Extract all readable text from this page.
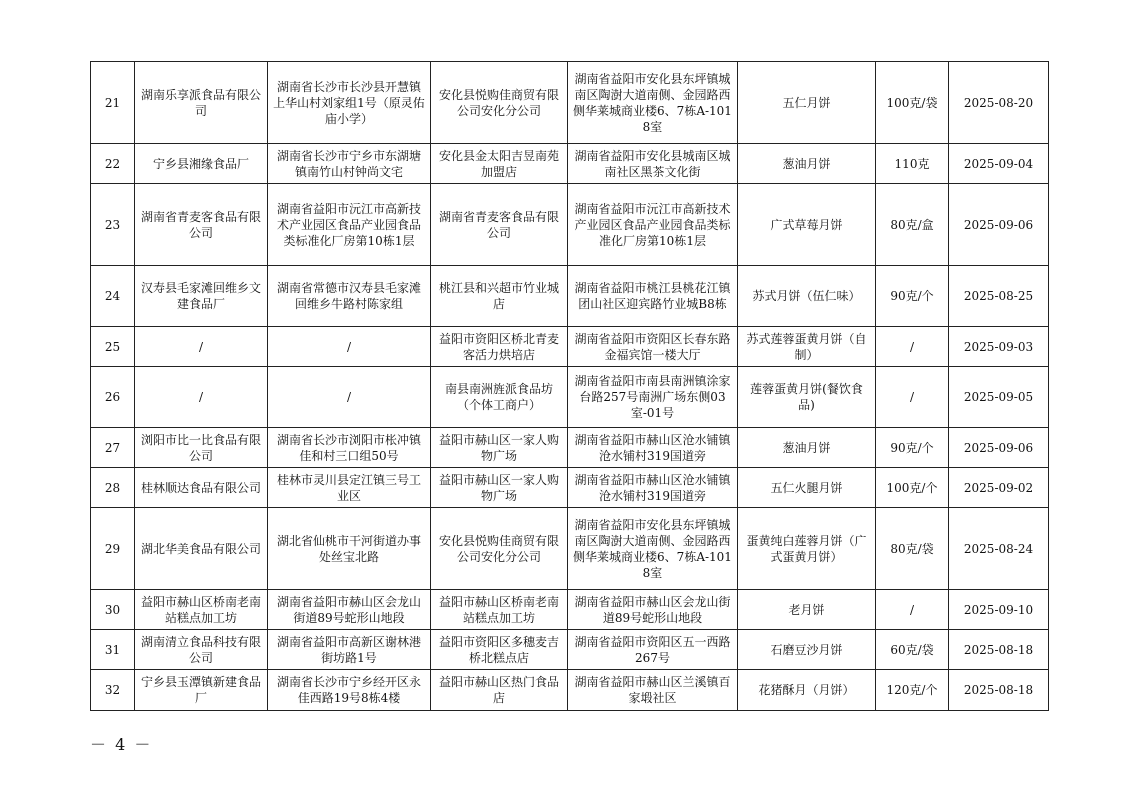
21	湖南乐享派食品有限公司	湖南省长沙市长沙县开慧镇上华山村刘家组1号（原灵佑庙小学）	安化县悦购佳商贸有限公司安化分公司	湖南省益阳市安化县东坪镇城南区陶澍大道南侧、金园路西侧华莱城商业楼6、7栋A-1018室	五仁月饼	100克/袋	2025-08-20
22	宁乡县湘缘食品厂	湖南省长沙市宁乡市东湖塘镇南竹山村钟尚文宅	安化县金太阳吉昱南苑加盟店	湖南省益阳市安化县城南区城南社区黑茶文化街	葱油月饼	110克	2025-09-04
23	湖南省青麦客食品有限公司	湖南省益阳市沅江市高新技术产业园区食品产业园食品类标准化厂房第10栋1层	湖南省青麦客食品有限公司	湖南省益阳市沅江市高新技术产业园区食品产业园食品类标准化厂房第10栋1层	广式草莓月饼	80克/盒	2025-09-06
24	汉寿县毛家滩回维乡文建食品厂	湖南省常德市汉寿县毛家滩回维乡牛路村陈家组	桃江县和兴超市竹业城店	湖南省益阳市桃江县桃花江镇团山社区迎宾路竹业城B8栋	苏式月饼（伍仁味）	90克/个	2025-08-25
25	/	/	益阳市资阳区桥北青麦客活力烘培店	湖南省益阳市资阳区长春东路金福宾馆一楼大厅	苏式莲蓉蛋黄月饼（自制）	/	2025-09-03
26	/	/	南县南洲旌派食品坊（个体工商户）	湖南省益阳市南县南洲镇涂家台路257号南洲广场东侧03室-01号	莲蓉蛋黄月饼(餐饮食品)	/	2025-09-05
27	浏阳市比一比食品有限公司	湖南省长沙市浏阳市枨冲镇佳和村三口组50号	益阳市赫山区一家人购物广场	湖南省益阳市赫山区沧水铺镇沧水铺村319国道旁	葱油月饼	90克/个	2025-09-06
28	桂林顺达食品有限公司	桂林市灵川县定江镇三号工业区	益阳市赫山区一家人购物广场	湖南省益阳市赫山区沧水铺镇沧水铺村319国道旁	五仁火腿月饼	100克/个	2025-09-02
29	湖北华美食品有限公司	湖北省仙桃市干河街道办事处丝宝北路	安化县悦购佳商贸有限公司安化分公司	湖南省益阳市安化县东坪镇城南区陶澍大道南侧、金园路西侧华莱城商业楼6、7栋A-1018室	蛋黄纯白莲蓉月饼（广式蛋黄月饼）	80克/袋	2025-08-24
30	益阳市赫山区桥南老南站糕点加工坊	湖南省益阳市赫山区会龙山街道89号蛇形山地段	益阳市赫山区桥南老南站糕点加工坊	湖南省益阳市赫山区会龙山街道89号蛇形山地段	老月饼	/	2025-09-10
31	湖南清立食品科技有限公司	湖南省益阳市高新区谢林港街坊路1号	益阳市资阳区多穗麦吉桥北糕点店	湖南省益阳市资阳区五一西路267号	石磨豆沙月饼	60克/袋	2025-08-18
32	宁乡县玉潭镇新建食品厂	湖南省长沙市宁乡经开区永佳西路19号8栋4楼	益阳市赫山区热门食品店	湖南省益阳市赫山区兰溪镇百家塅社区	花猪酥月（月饼）	120克/个	2025-08-18
－ 4 －
